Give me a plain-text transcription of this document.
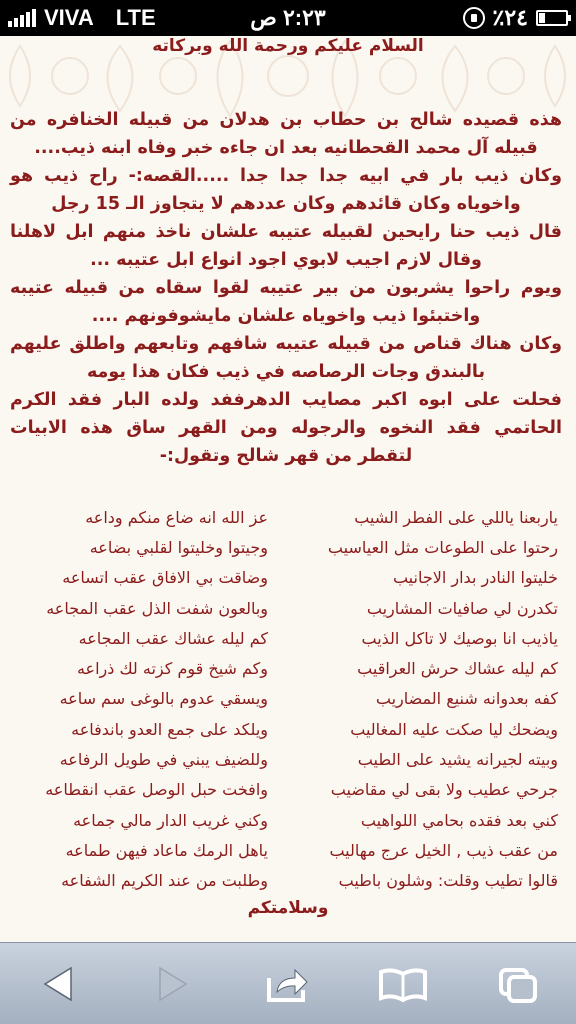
VIVA LTE	٢:٢٣ ص	٪٢٤
السلام عليكم ورحمة الله وبركاته

هذه قصيده شالح بن حطاب بن هدلان من قبيله الخنافره من قبيله آل محمد القحطانيه بعد ان جاءه خبر وفاه ابنه ذيب....

وكان ذيب بار في ابيه جدا جدا جدا .....القصه:- راح ذيب هو واخوياه وكان قائدهم وكان عددهم لا يتجاوز الـ 15 رجل

قال ذيب حنا رايحين لقبيله عتيبه علشان ناخذ منهم ابل لاهلنا وقال لازم اجيب لابوي اجود انواع ابل عتيبه ...

ويوم راحوا يشربون من بير عتيبه لقوا سقاه من قبيله عتيبه واختبئوا ذيب واخوياه علشان مايشوفونهم ....

وكان هناك قناص من قبيله عتيبه شافهم وتابعهم واطلق عليهم بالبندق وجات الرصاصه في ذيب فكان هذا يومه

فحلت على ابوه اكبر مصايب الدهرففد ولده البار فقد الكرم الحاتمي فقد النخوه والرجوله ومن القهر ساق هذه الابيات لتقطر من قهر شالح وتقول:-

ياربعنا ياللي على الفطر الشيب
عز الله انه ضاع منكم وداعه
رحتوا على الطوعات مثل العياسيب
وجيتوا وخليتوا لقلبي بضاعه
خليتوا النادر بدار الاجانيب
وضاقت بي الافاق عقب اتساعه
تكدرن لي صافيات المشاريب
وبالعون شفت الذل عقب المجاعه
ياذيب انا بوصيك لا تاكل الذيب
كم ليله عشاك عقب المجاعه
كم ليله عشاك حرش العراقيب
وكم شيخ قوم كزته لك ذراعه
كفه بعدوانه شنيع المضاريب
ويسقي عدوم بالوغى سم ساعه
ويضحك ليا صكت عليه المغاليب
ويلكد على جمع العدو باندفاعه
وبيته لجيرانه يشيد على الطيب
وللضيف يبني في طويل الرفاعه
جرحي عطيب ولا بقى لي مقاضيب
وافخت حبل الوصل عقب انقطاعه
كني بعد فقده بحامي اللواهيب
وكني غريب الدار مالي جماعه
من عقب ذيب , الخيل عرج مهاليب
ياهل الرمك ماعاد فيهن طماعه
قالوا تطيب وقلت: وشلون باطيب
وطلبت من عند الكريم الشفاعه
وسلامتكم
